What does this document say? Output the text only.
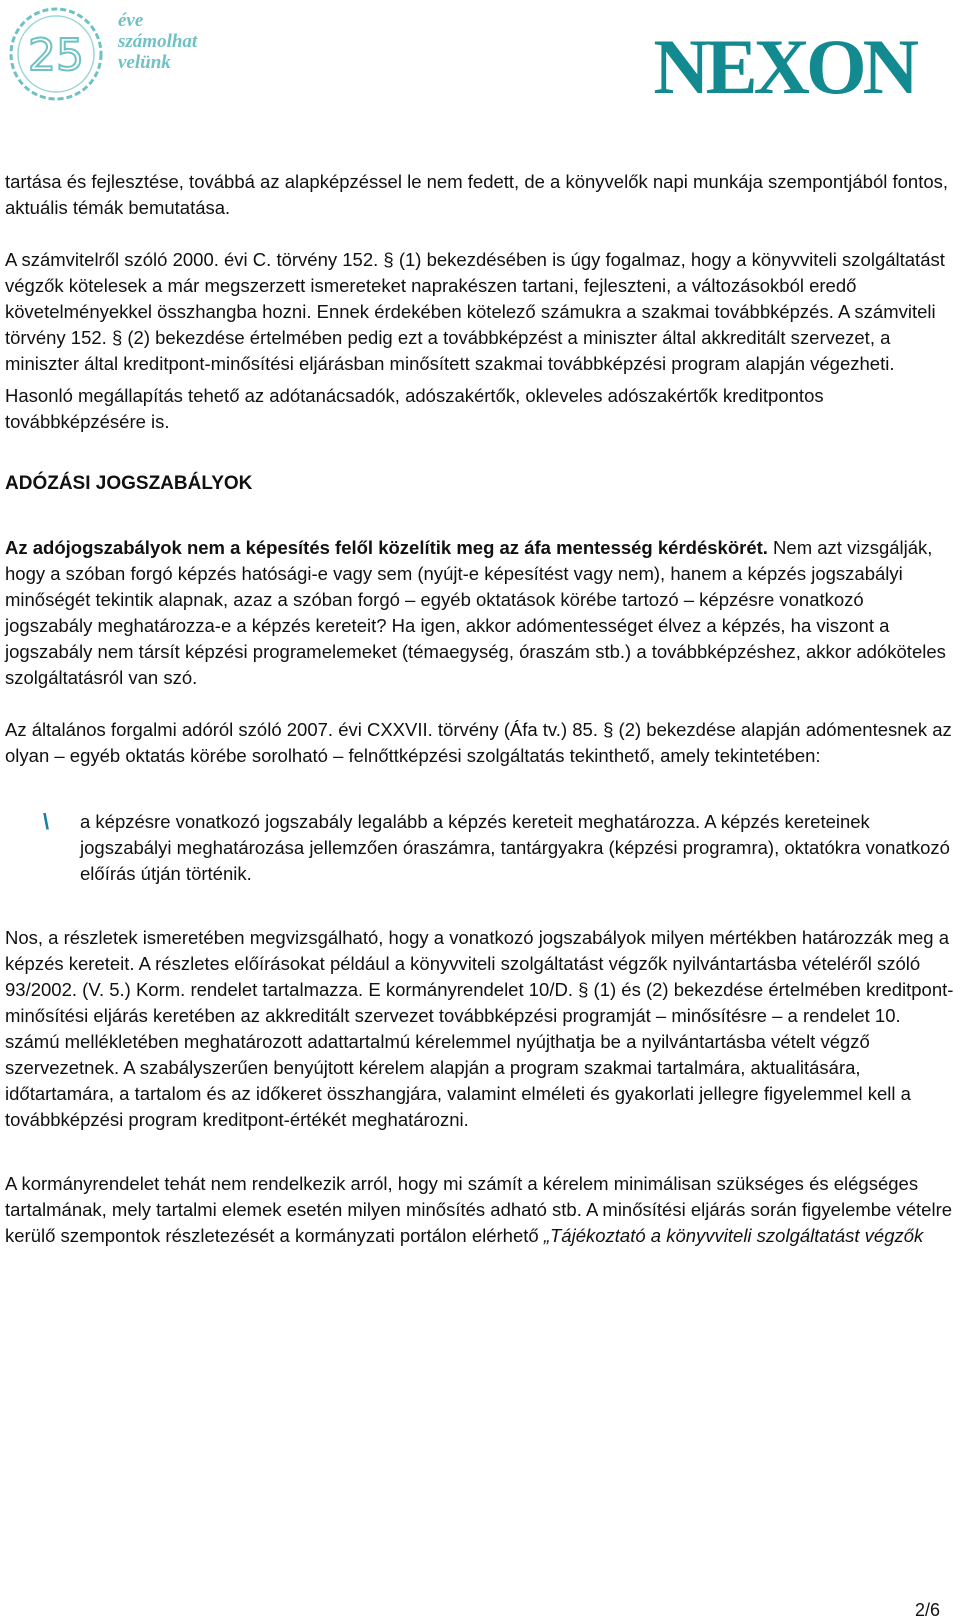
25
éve
számolhat
velünk	NEXON

tartása és fejlesztése, továbbá az alapképzéssel le nem fedett, de a könyvelők napi munkája szempontjából fontos, aktuális témák bemutatása.

A számvitelről szóló 2000. évi C. törvény 152. § (1) bekezdésében is úgy fogalmaz, hogy a könyvviteli szolgáltatást végzők kötelesek a már megszerzett ismereteket naprakészen tartani, fejleszteni, a változásokból eredő követelményekkel összhangba hozni. Ennek érdekében kötelező számukra a szakmai továbbképzés. A számviteli törvény 152. § (2) bekezdése értelmében pedig ezt a továbbképzést a miniszter által akkreditált szervezet, a miniszter által kreditpont-minősítési eljárásban minősített szakmai továbbképzési program alapján végezheti.

Hasonló megállapítás tehető az adótanácsadók, adószakértők, okleveles adószakértők kreditpontos továbbképzésére is.

ADÓZÁSI JOGSZABÁLYOK

Az adójogszabályok nem a képesítés felől közelítik meg az áfa mentesség kérdéskörét. Nem azt vizsgálják, hogy a szóban forgó képzés hatósági-e vagy sem (nyújt-e képesítést vagy nem), hanem a képzés jogszabályi minőségét tekintik alapnak, azaz a szóban forgó – egyéb oktatások körébe tartozó – képzésre vonatkozó jogszabály meghatározza-e a képzés kereteit? Ha igen, akkor adómentességet élvez a képzés, ha viszont a jogszabály nem társít képzési programelemeket (témaegység, óraszám stb.) a továbbképzéshez, akkor adóköteles szolgáltatásról van szó.

Az általános forgalmi adóról szóló 2007. évi CXXVII. törvény (Áfa tv.) 85. § (2) bekezdése alapján adómentesnek az olyan – egyéb oktatás körébe sorolható – felnőttképzési szolgáltatás tekinthető, amely tekintetében:

\ a képzésre vonatkozó jogszabály legalább a képzés kereteit meghatározza. A képzés kereteinek jogszabályi meghatározása jellemzően óraszámra, tantárgyakra (képzési programra), oktatókra vonatkozó előírás útján történik.

Nos, a részletek ismeretében megvizsgálható, hogy a vonatkozó jogszabályok milyen mértékben határozzák meg a képzés kereteit. A részletes előírásokat például a könyvviteli szolgáltatást végzők nyilvántartásba vételéről szóló 93/2002. (V. 5.) Korm. rendelet tartalmazza. E kormányrendelet 10/D. § (1) és (2) bekezdése értelmében kreditpont-minősítési eljárás keretében az akkreditált szervezet továbbképzési programját – minősítésre – a rendelet 10. számú mellékletében meghatározott adattartalmú kérelemmel nyújthatja be a nyilvántartásba vételt végző szervezetnek. A szabályszerűen benyújtott kérelem alapján a program szakmai tartalmára, aktualitására, időtartamára, a tartalom és az időkeret összhangjára, valamint elméleti és gyakorlati jellegre figyelemmel kell a továbbképzési program kreditpont-értékét meghatározni.

A kormányrendelet tehát nem rendelkezik arról, hogy mi számít a kérelem minimálisan szükséges és elégséges tartalmának, mely tartalmi elemek esetén milyen minősítés adható stb. A minősítési eljárás során figyelembe vételre kerülő szempontok részletezését a kormányzati portálon elérhető „Tájékoztató a könyvviteli szolgáltatást végzők

2/6
